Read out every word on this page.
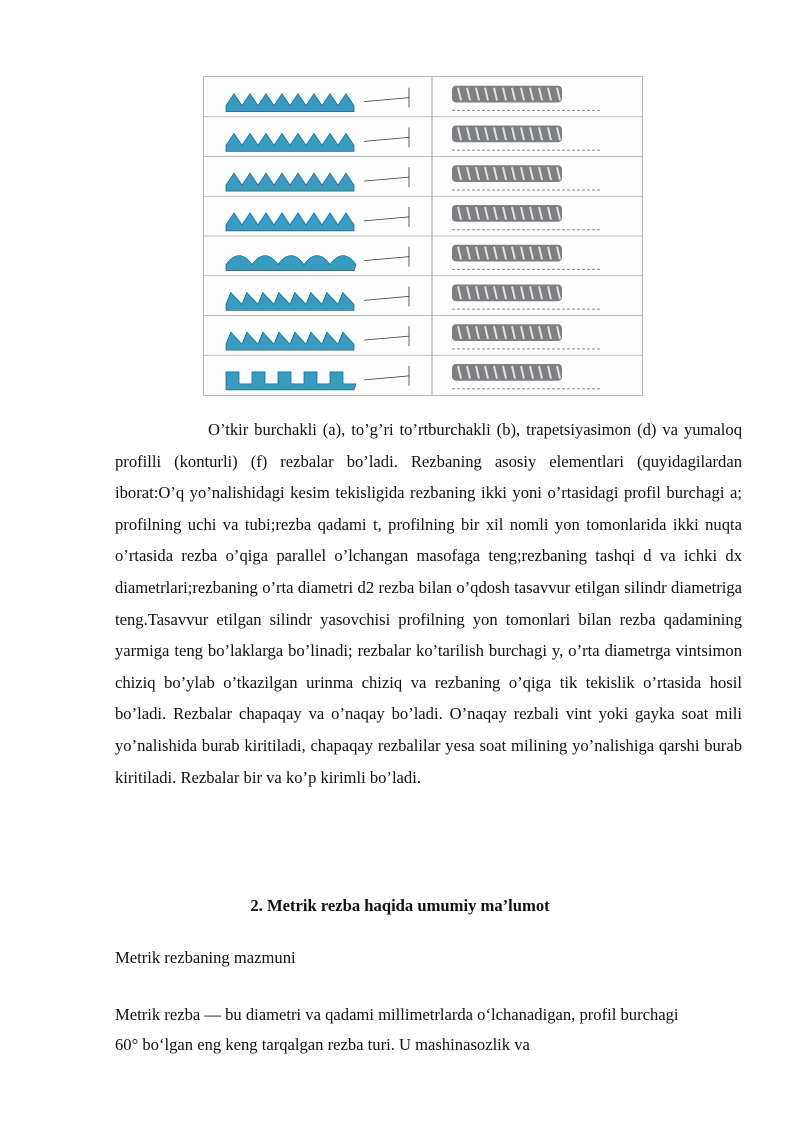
O’tkir burchakli (a), to’g’ri to’rtburchakli (b), trapetsiyasimon (d) va yumaloq profilli (konturli) (f) rezbalar bo’ladi. Rezbaning asosiy elementlari (quyidagilardan iborat:O’q yo’nalishidagi kesim tekisligida rezbaning ikki yoni o’rtasidagi profil burchagi a; profilning uchi va tubi;rezba qadami t, profilning bir xil nomli yon tomonlarida ikki nuqta o’rtasida rezba o’qiga parallel o’lchangan masofaga teng;rezbaning tashqi d va ichki dx diametrlari;rezbaning o’rta diametri d2 rezba bilan o’qdosh tasavvur etilgan silindr diametriga teng.Tasavvur etilgan silindr yasovchisi profilning yon tomonlari bilan rezba qadamining yarmiga teng bo’laklarga bo’linadi; rezbalar ko’tarilish burchagi y, o’rta diametrga vintsimon chiziq bo’ylab o’tkazilgan urinma chiziq va rezbaning o’qiga tik tekislik o’rtasida hosil bo’ladi. Rezbalar chapaqay va o’naqay bo’ladi. O’naqay rezbali vint yoki gayka soat mili yo’nalishida burab kiritiladi, chapaqay rezbalilar yesa soat milining yo’nalishiga qarshi burab kiritiladi. Rezbalar bir va ko’p kirimli bo’ladi.

2. Metrik rezba haqida umumiy ma’lumot

Metrik rezbaning mazmuni

Metrik rezba — bu diametri va qadami millimetrlarda oʻlchanadigan, profil burchagi 60° boʻlgan eng keng tarqalgan rezba turi. U mashinasozlik va
